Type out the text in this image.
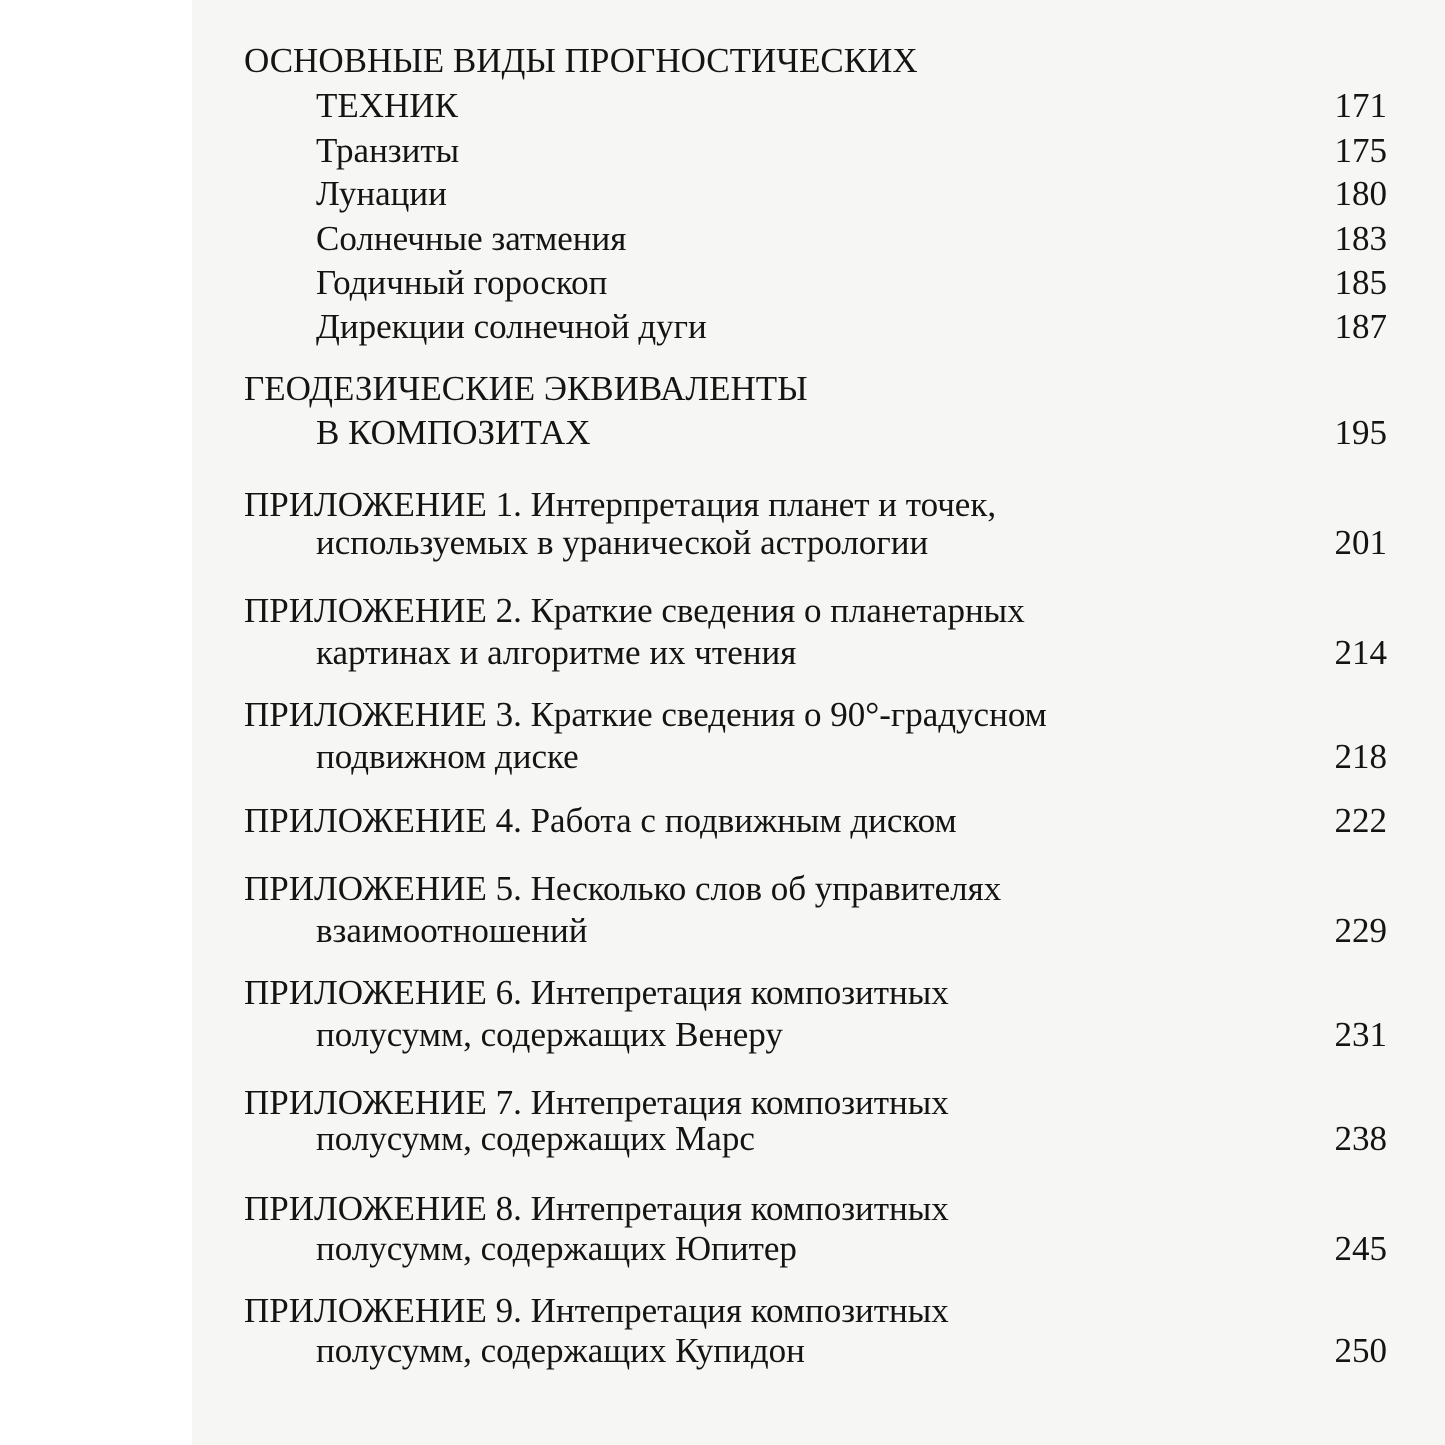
ОСНОВНЫЕ ВИДЫ ПРОГНОСТИЧЕСКИХ
ТЕХНИК	171
Транзиты	175
Лунации	180
Солнечные затмения	183
Годичный гороскоп	185
Дирекции солнечной дуги	187
ГЕОДЕЗИЧЕСКИЕ ЭКВИВАЛЕНТЫ
В КОМПОЗИТАХ	195
ПРИЛОЖЕНИЕ 1. Интерпретация планет и точек,
используемых в уранической астрологии	201
ПРИЛОЖЕНИЕ 2. Краткие сведения о планетарных
картинах и алгоритме их чтения	214
ПРИЛОЖЕНИЕ 3. Краткие сведения о 90°-градусном
подвижном диске	218
ПРИЛОЖЕНИЕ 4. Работа с подвижным диском	222
ПРИЛОЖЕНИЕ 5. Несколько слов об управителях
взаимоотношений	229
ПРИЛОЖЕНИЕ 6. Интепретация композитных
полусумм, содержащих Венеру	231
ПРИЛОЖЕНИЕ 7. Интепретация композитных
полусумм, содержащих Марс	238
ПРИЛОЖЕНИЕ 8. Интепретация композитных
полусумм, содержащих Юпитер	245
ПРИЛОЖЕНИЕ 9. Интепретация композитных
полусумм, содержащих Купидон	250
